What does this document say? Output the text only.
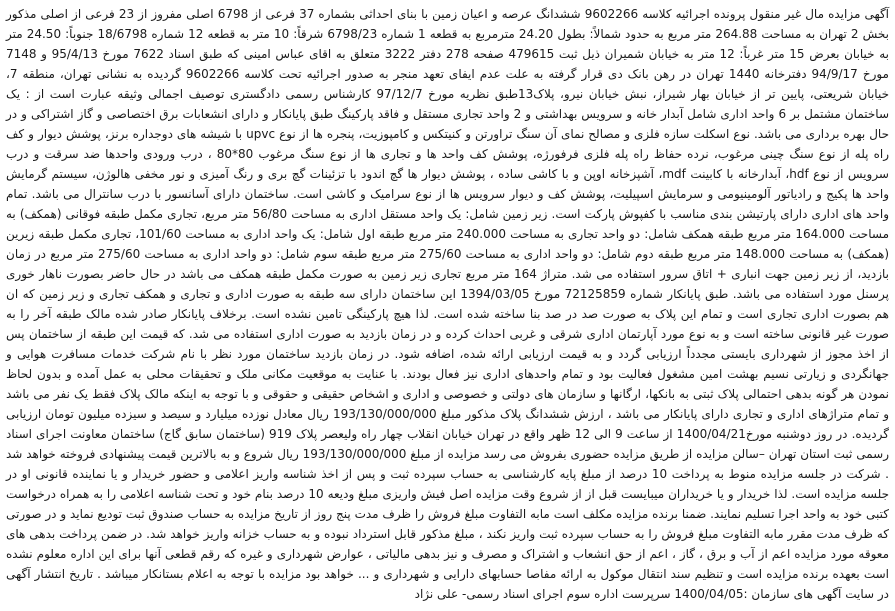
آگهی مزایده مال غیر منقول پرونده اجرائیه کلاسه 9602266 ششدانگ عرصه و اعیان زمین با بنای احداثی بشماره 37 فرعی از 6798 اصلی مفروز از 23 فرعی از اصلی مذکور بخش 2 تهران به مساحت 264.88 متر مربع به حدود شمالاً: بطول 24.20 مترمربع به قطعه 1 شماره 6798/23 شرقاً: 10 متر به قطعه 12 شماره 18/6798 جنوباً: 24.50 متر به خیابان بعرض 15 متر غرباً: 12 متر به خیابان شمیران ذیل ثبت 479615 صفحه 278 دفتر 3222 متعلق به اقای عباس امینی که طبق اسناد 7622 مورخ 95/4/13 و 7148 مورخ 94/9/17 دفترخانه 1440 تهران در رهن بانک دی قرار گرفته به علت عدم ایفای تعهد منجر به صدور اجرائیه تحت کلاسه 9602266 گردیده به نشانی تهران، منطقه 7، خیابان شریعتی، پایین تر از خیابان بهار شیراز، نبش خیابان نیرو، پلاک13طبق نظریه مورخ 97/12/7 کارشناس رسمی دادگستری توصیف اجمالی وثیقه عبارت است از : یک ساختمان مشتمل بر 6 واحد اداری شامل آبدار خانه و سرویس بهداشتی و 2 واحد تجاری مستقل و فاقد پارکینگ طبق پایانکار و دارای انشعابات برق اختصاصی و گاز اشتراکی و در حال بهره برداری می باشد. نوع اسکلت سازه فلزی و مصالح نمای آن سنگ تراورتن و کنیتکس و کامپوزیت، پنجره ها از نوع upvc با شیشه های دوجداره برنز، پوشش دیوار و کف راه پله از نوع سنگ چینی مرغوب، نرده حفاظ راه پله فلزی فرفورژه، پوشش کف واحد ها و تجاری ها از نوع سنگ مرغوب 80*80 ، درب ورودی واحدها ضد سرقت و درب سرویس از نوع hdf، آبدارخانه با کابینت mdf، آشپزخانه اوپن و با کاشی ساده ، پوشش دیوار ها گچ اندود با تزئینات گچ بری و رنگ آمیزی و نور مخفی هالوژن، سیستم گرمایش واحد ها پکیج و رادیاتور آلومینیومی و سرمایش اسپیلیت، پوشش کف و دیوار سرویس ها از نوع سرامیک و کاشی است. ساختمان دارای آسانسور با درب سانترال می باشد. تمام واحد های اداری دارای پارتیشن بندی مناسب با کفپوش پارکت است. زیر زمین شامل: یک واحد مستقل اداری به مساحت 56/80 متر مربع، تجاری مکمل طبقه فوقانی (همکف) به مساحت 164.000 متر مربع طبقه همکف شامل: دو واحد تجاری به مساحت 240.000 متر مربع طبقه اول شامل: یک واحد اداری به مساحت 101/60، تجاری مکمل طبقه زیرین (همکف) به مساحت 148.000 متر مربع طبقه دوم شامل: دو واحد اداری به مساحت 275/60 متر مربع طبقه سوم شامل: دو واحد اداری به مساحت 275/60 متر مربع در زمان بازدید، از زیر زمین جهت انباری + اتاق سرور استفاده می شد. متراژ 164 متر مربع تجاری زیر زمین به صورت مکمل طبقه همکف می باشد در حال حاضر بصورت ناهار خوری پرسنل مورد استفاده می باشد. طبق پایانکار شماره 72125859 مورخ 1394/03/05 این ساختمان دارای سه طبقه به صورت اداری و تجاری و همکف تجاری و زیر زمین که ان هم بصورت اداری تجاری است و تمام این پلاک به صورت صد در صد بنا ساخته شده است. لذا هیچ پارکینگی تامین نشده است. برخلاف پایانکار صادر شده مالک طبقه آخر را به صورت غیر قانونی ساخته است و به نوع مورد آپارتمان اداری شرقی و غربی احداث کرده و در زمان بازدید به صورت اداری استفاده می شد. که قیمت این طبقه از ساختمان پس از اخذ مجوز از شهرداری بایستی مجدداً ارزیابی گردد و به قیمت ارزیابی ارائه شده، اضافه شود. در زمان بازدید ساختمان مورد نظر با نام شرکت خدمات مسافرت هوایی و جهانگردی و زیارتی نسیم بهشت امین مشغول فعالیت بود و تمام واحدهای اداری نیز فعال بودند. با عنایت به موقعیت مکانی ملک و تحقیقات محلی به عمل آمده و بدون لحاظ نمودن هر گونه بدهی احتمالی پلاک ثبتی به بانکها، ارگانها و سازمان های دولتی و خصوصی و اداری و اشخاص حقیقی و حقوقی و با توجه به اینکه مالک پلاک فقط یک نفر می باشد و تمام متراژهای اداری و تجاری دارای پایانکار می باشد ، ارزش ششدانگ پلاک مذکور مبلغ 193/130/000/000 ریال معادل نوزده میلیارد و سیصد و سیزده میلیون تومان ارزیابی گردیده. در روز دوشنبه مورخ1400/04/21 از ساعت 9 الی 12 ظهر واقع در تهران خیابان انقلاب چهار راه ولیعصر پلاک 919 (ساختمان سابق گاج) ساختمان معاونت اجرای اسناد رسمی ثبت استان تهران –سالن مزایده از طریق مزایده حضوری بفروش می رسد مزایده از مبلغ 193/130/000/000 ریال شروع و به بالاترین قیمت پیشنهادی فروخته خواهد شد . شرکت در جلسه مزایده منوط به پرداخت 10 درصد از مبلغ پایه کارشناسی به حساب سپرده ثبت و پس از اخذ شناسه واریز اعلامی و حضور خریدار و یا نماینده قانونی او در جلسه مزایده است. لذا خریدار و یا خریداران میبایست قبل از از شروع وقت مزایده اصل فیش واریزی مبلغ ودیعه 10 درصد بنام خود و تحت شناسه اعلامی را به همراه درخواست کتبی خود به واحد اجرا تسلیم نمایند. ضمنا برنده مزایده مکلف است مابه التفاوت مبلغ فروش را ظرف مدت پنج روز از تاریخ مزایده به حساب صندوق ثبت تودیع نماید و در صورتی که ظرف مدت مقرر مابه التفاوت مبلغ فروش را به حساب سپرده ثبت واریز نکند ، مبلغ مذکور قابل استرداد نبوده و به حساب خزانه واریز خواهد شد. در ضمن پرداخت بدهی های معوقه مورد مزایده اعم از آب و برق ، گاز ، اعم از حق انشعاب و اشتراک و مصرف و نیز بدهی مالیاتی ، عوارض شهرداری و غیره که رقم قطعی آنها برای این اداره معلوم نشده است بعهده برنده مزایده است و تنظیم سند انتقال موکول به ارائه مفاصا حسابهای دارایی و شهرداری و ... خواهد بود مزایده با توجه به اعلام بستانکار میباشد . تاریخ انتشار آگهی در سایت آگهی های سازمان :1400/04/05 سرپرست اداره سوم اجرای اسناد رسمی- علی نژاد
